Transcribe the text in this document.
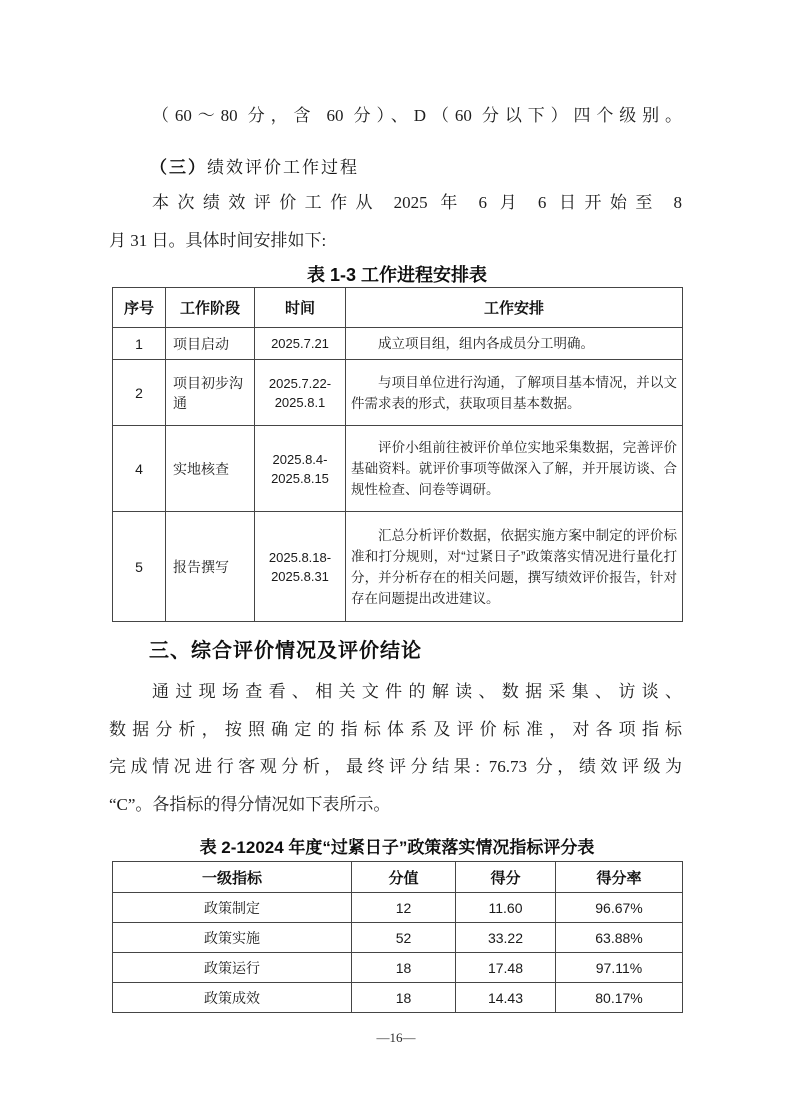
（60～80 分，含 60 分）、D（60 分以下）四个级别。
（三）绩效评价工作过程
本次绩效评价工作从 2025 年 6 月 6 日开始至 8
月 31 日。具体时间安排如下:
表 1-3 工作进程安排表
序号	工作阶段	时间	工作安排
1	项目启动	2025.7.21	成立项目组，组内各成员分工明确。

2	项目初步沟通	2025.7.22-2025.8.1	与项目单位进行沟通，了解项目基本情况，并以文件需求表的形式，获取项目基本数据。

4	实地核查	2025.8.4-2025.8.15	评价小组前往被评价单位实地采集数据，完善评价基础资料。就评价事项等做深入了解，并开展访谈、合规性检查、问卷等调研。

5	报告撰写	2025.8.18-2025.8.31	汇总分析评价数据，依据实施方案中制定的评价标准和打分规则，对“过紧日子”政策落实情况进行量化打分，并分析存在的相关问题，撰写绩效评价报告，针对存在问题提出改进建议。
三、综合评价情况及评价结论
通过现场查看、相关文件的解读、数据采集、访谈、
数据分析，按照确定的指标体系及评价标准，对各项指标
完成情况进行客观分析，最终评分结果: 76.73 分，绩效评级为
“C”。各指标的得分情况如下表所示。
表 2-12024 年度“过紧日子”政策落实情况指标评分表
一级指标	分值	得分	得分率
政策制定	12	11.60	96.67%
政策实施	52	33.22	63.88%
政策运行	18	17.48	97.11%
政策成效	18	14.43	80.17%
—16—
